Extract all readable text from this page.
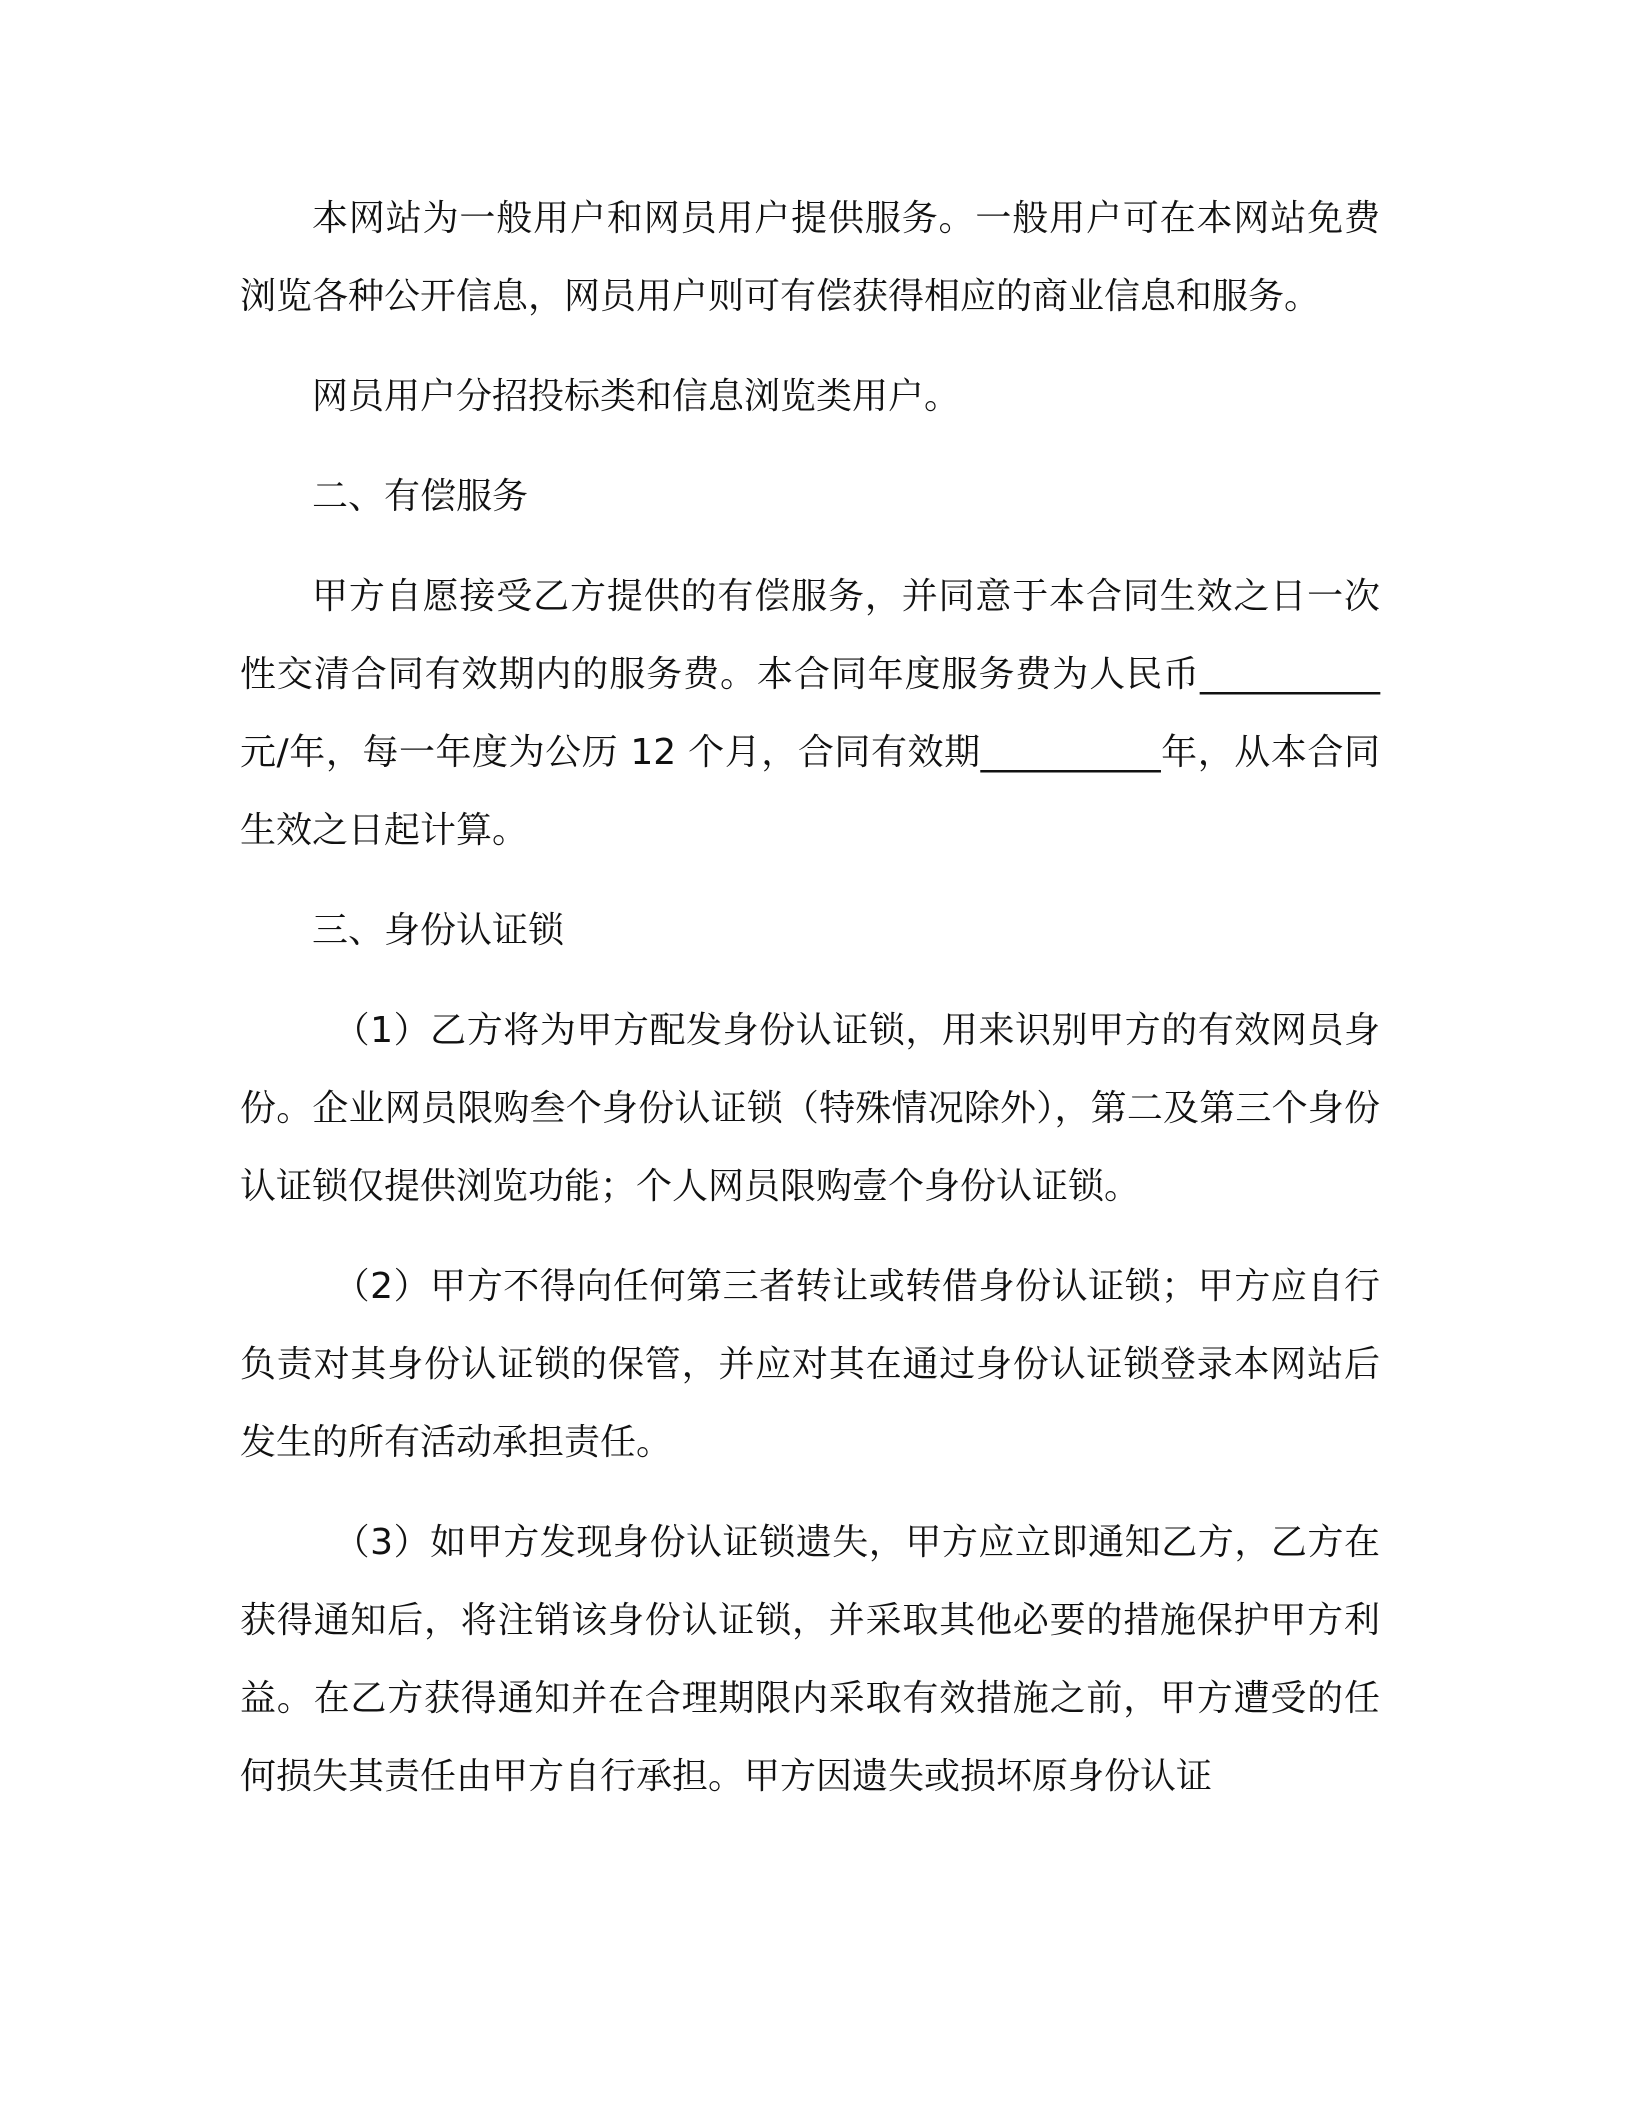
本网站为一般用户和网员用户提供服务。一般用户可在本网站免费浏览各种公开信息，网员用户则可有偿获得相应的商业信息和服务。

网员用户分招投标类和信息浏览类用户。

二、有偿服务

甲方自愿接受乙方提供的有偿服务，并同意于本合同生效之日一次性交清合同有效期内的服务费。本合同年度服务费为人民币__________元/年，每一年度为公历 12 个月，合同有效期__________年，从本合同生效之日起计算。

三、身份认证锁

（1）乙方将为甲方配发身份认证锁，用来识别甲方的有效网员身份。企业网员限购叁个身份认证锁（特殊情况除外），第二及第三个身份认证锁仅提供浏览功能；个人网员限购壹个身份认证锁。

（2）甲方不得向任何第三者转让或转借身份认证锁；甲方应自行负责对其身份认证锁的保管，并应对其在通过身份认证锁登录本网站后发生的所有活动承担责任。

（3）如甲方发现身份认证锁遗失，甲方应立即通知乙方，乙方在获得通知后，将注销该身份认证锁，并采取其他必要的措施保护甲方利益。在乙方获得通知并在合理期限内采取有效措施之前，甲方遭受的任何损失其责任由甲方自行承担。甲方因遗失或损坏原身份认证
